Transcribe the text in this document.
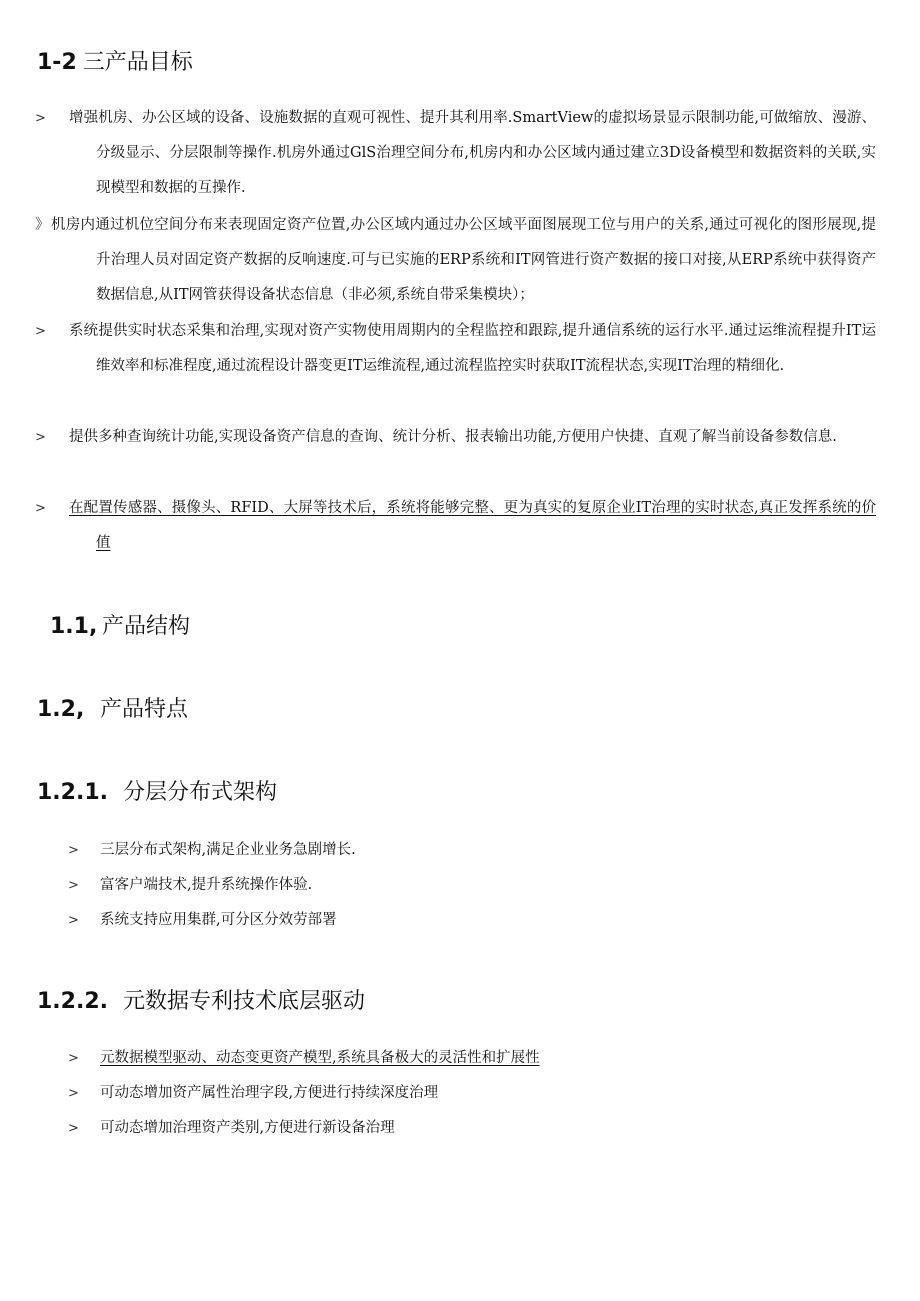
1-2 三产品目标
> 增强机房、办公区域的设备、设施数据的直观可视性、提升其利用率.SmartView的虚拟场景显示限制功能,可做缩放、漫游、分级显示、分层限制等操作.机房外通过GlS治理空间分布,机房内和办公区域内通过建立3D设备模型和数据资料的关联,实现模型和数据的互操作.
》 机房内通过机位空间分布来表现固定资产位置,办公区域内通过办公区域平面图展现工位与用户的关系,通过可视化的图形展现,提升治理人员对固定资产数据的反响速度.可与已实施的ERP系统和IT网管进行资产数据的接口对接,从ERP系统中获得资产数据信息,从IT网管获得设备状态信息（非必须,系统自带采集模块）；
> 系统提供实时状态采集和治理,实现对资产实物使用周期内的全程监控和跟踪,提升通信系统的运行水平.通过运维流程提升IT运维效率和标准程度,通过流程设计器变更IT运维流程,通过流程监控实时获取IT流程状态,实现IT治理的精细化.
> 提供多种查询统计功能,实现设备资产信息的查询、统计分析、报表输出功能,方便用户快捷、直观了解当前设备参数信息.
> 在配置传感器、摄像头、RFID、大屏等技术后，系统将能够完整、更为真实的复原企业IT治理的实时状态,真正发挥系统的价值
1.1, 产品结构
1.2, 产品特点
1.2.1. 分层分布式架构
> 三层分布式架构,满足企业业务急剧增长.
> 富客户端技术,提升系统操作体验.
> 系统支持应用集群,可分区分效劳部署
1.2.2. 元数据专利技术底层驱动
> 元数据模型驱动、动态变更资产模型,系统具备极大的灵活性和扩展性
> 可动态增加资产属性治理字段,方便进行持续深度治理
> 可动态增加治理资产类别,方便进行新设备治理
